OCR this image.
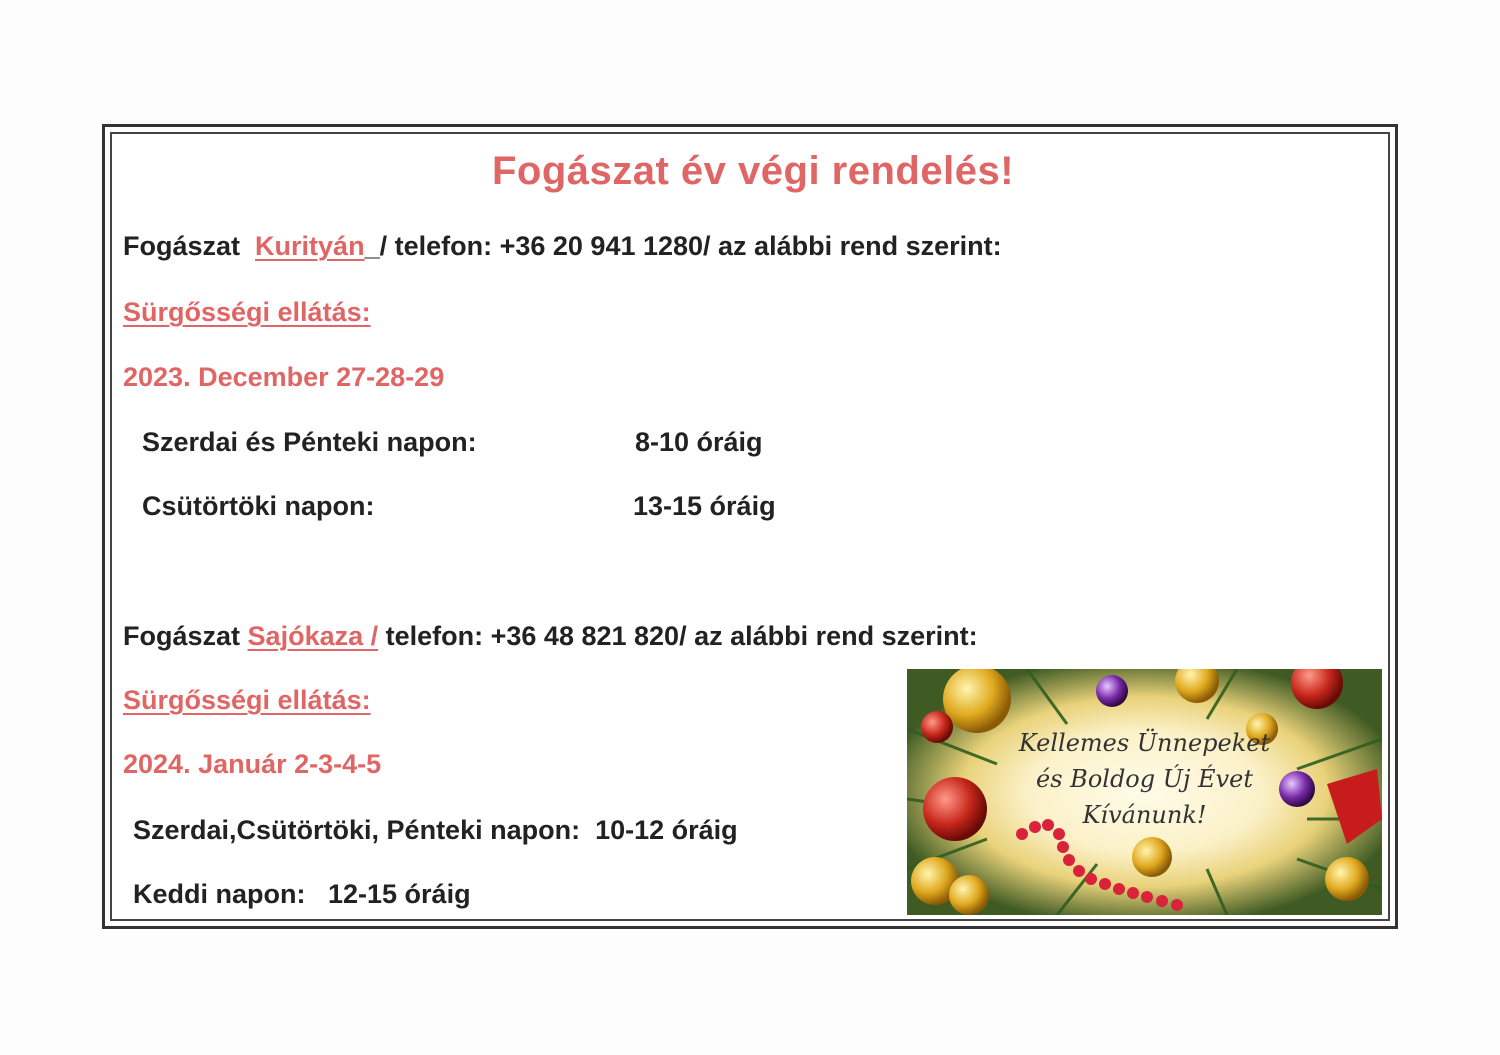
Fogászat év végi rendelés!
Fogászat Kurityán_/ telefon: +36 20 941 1280/ az alábbi rend szerint:
Sürgősségi ellátás:
2023. December 27-28-29
Szerdai és Pénteki napon:	8-10 óráig
Csütörtöki napon:	13-15 óráig
Fogászat Sajókaza / telefon: +36 48 821 820/ az alábbi rend szerint:
Sürgősségi ellátás:
2024. Január 2-3-4-5
Szerdai,Csütörtöki, Pénteki napon: 10-12 óráig
Keddi napon: 12-15 óráig
Kellemes Ünnepeket
és Boldog Új Évet
Kívánunk!
